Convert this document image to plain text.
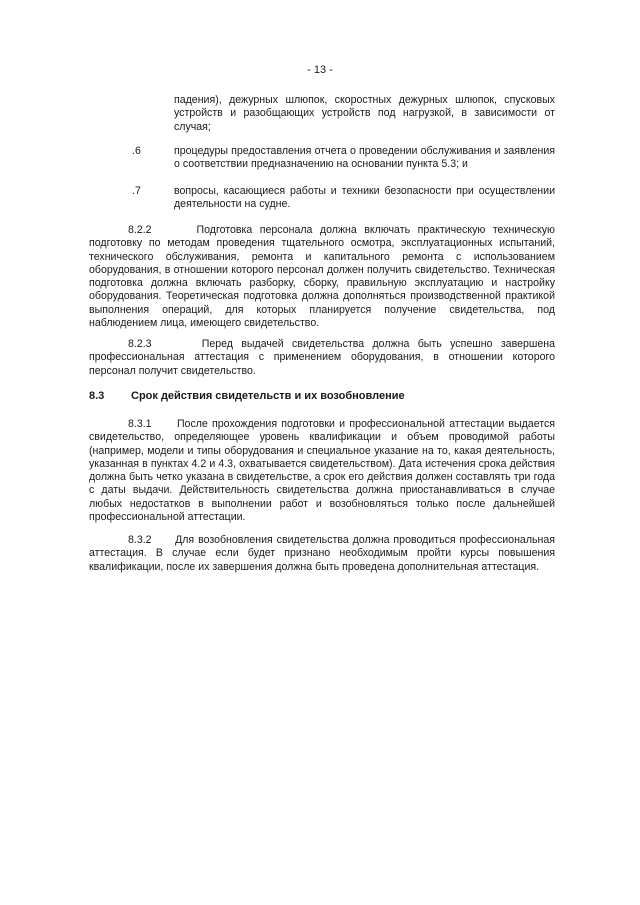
- 13 -
падения), дежурных шлюпок, скоростных дежурных шлюпок, спусковых устройств и разобщающих устройств под нагрузкой, в зависимости от случая;
.6	процедуры предоставления отчета о проведении обслуживания и заявления о соответствии предназначению на основании пункта 5.3; и
.7	вопросы, касающиеся работы и техники безопасности при осуществлении деятельности на судне.
8.2.2	Подготовка персонала должна включать практическую техническую подготовку по методам проведения тщательного осмотра, эксплуатационных испытаний, технического обслуживания, ремонта и капитального ремонта с использованием оборудования, в отношении которого персонал должен получить свидетельство. Техническая подготовка должна включать разборку, сборку, правильную эксплуатацию и настройку оборудования. Теоретическая подготовка должна дополняться производственной практикой выполнения операций, для которых планируется получение свидетельства, под наблюдением лица, имеющего свидетельство.
8.2.3	Перед выдачей свидетельства должна быть успешно завершена профессиональная аттестация с применением оборудования, в отношении которого персонал получит свидетельство.
8.3 Срок действия свидетельств и их возобновление
8.3.1 После прохождения подготовки и профессиональной аттестации выдается свидетельство, определяющее уровень квалификации и объем проводимой работы (например, модели и типы оборудования и специальное указание на то, какая деятельность, указанная в пунктах 4.2 и 4.3, охватывается свидетельством). Дата истечения срока действия должна быть четко указана в свидетельстве, а срок его действия должен составлять три года с даты выдачи. Действительность свидетельства должна приостанавливаться в случае любых недостатков в выполнении работ и возобновляться только после дальнейшей профессиональной аттестации.
8.3.2 Для возобновления свидетельства должна проводиться профессиональная аттестация. В случае если будет признано необходимым пройти курсы повышения квалификации, после их завершения должна быть проведена дополнительная аттестация.
